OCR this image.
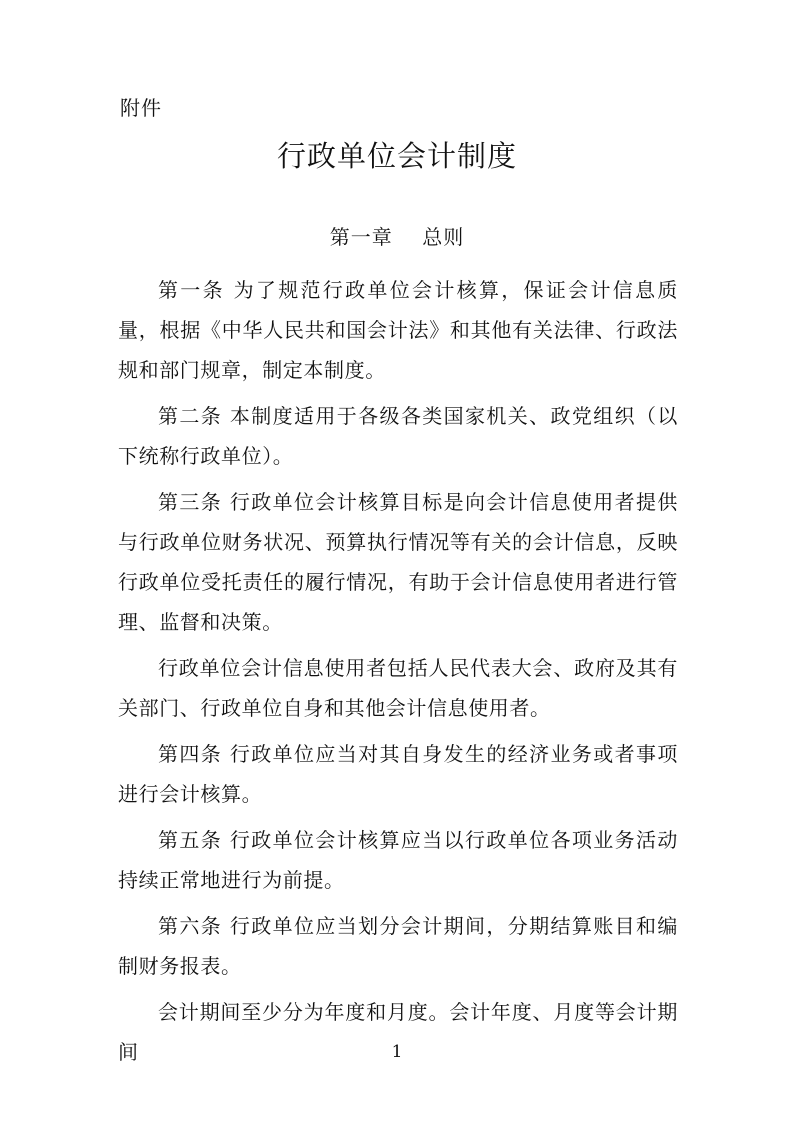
附件
行政单位会计制度
第一章    总则

第一条 为了规范行政单位会计核算，保证会计信息质量，根据《中华人民共和国会计法》和其他有关法律、行政法规和部门规章，制定本制度。

第二条 本制度适用于各级各类国家机关、政党组织（以下统称行政单位）。

第三条 行政单位会计核算目标是向会计信息使用者提供与行政单位财务状况、预算执行情况等有关的会计信息，反映行政单位受托责任的履行情况，有助于会计信息使用者进行管理、监督和决策。

行政单位会计信息使用者包括人民代表大会、政府及其有关部门、行政单位自身和其他会计信息使用者。

第四条 行政单位应当对其自身发生的经济业务或者事项进行会计核算。

第五条 行政单位会计核算应当以行政单位各项业务活动持续正常地进行为前提。

第六条 行政单位应当划分会计期间，分期结算账目和编制财务报表。

会计期间至少分为年度和月度。会计年度、月度等会计期间	1
